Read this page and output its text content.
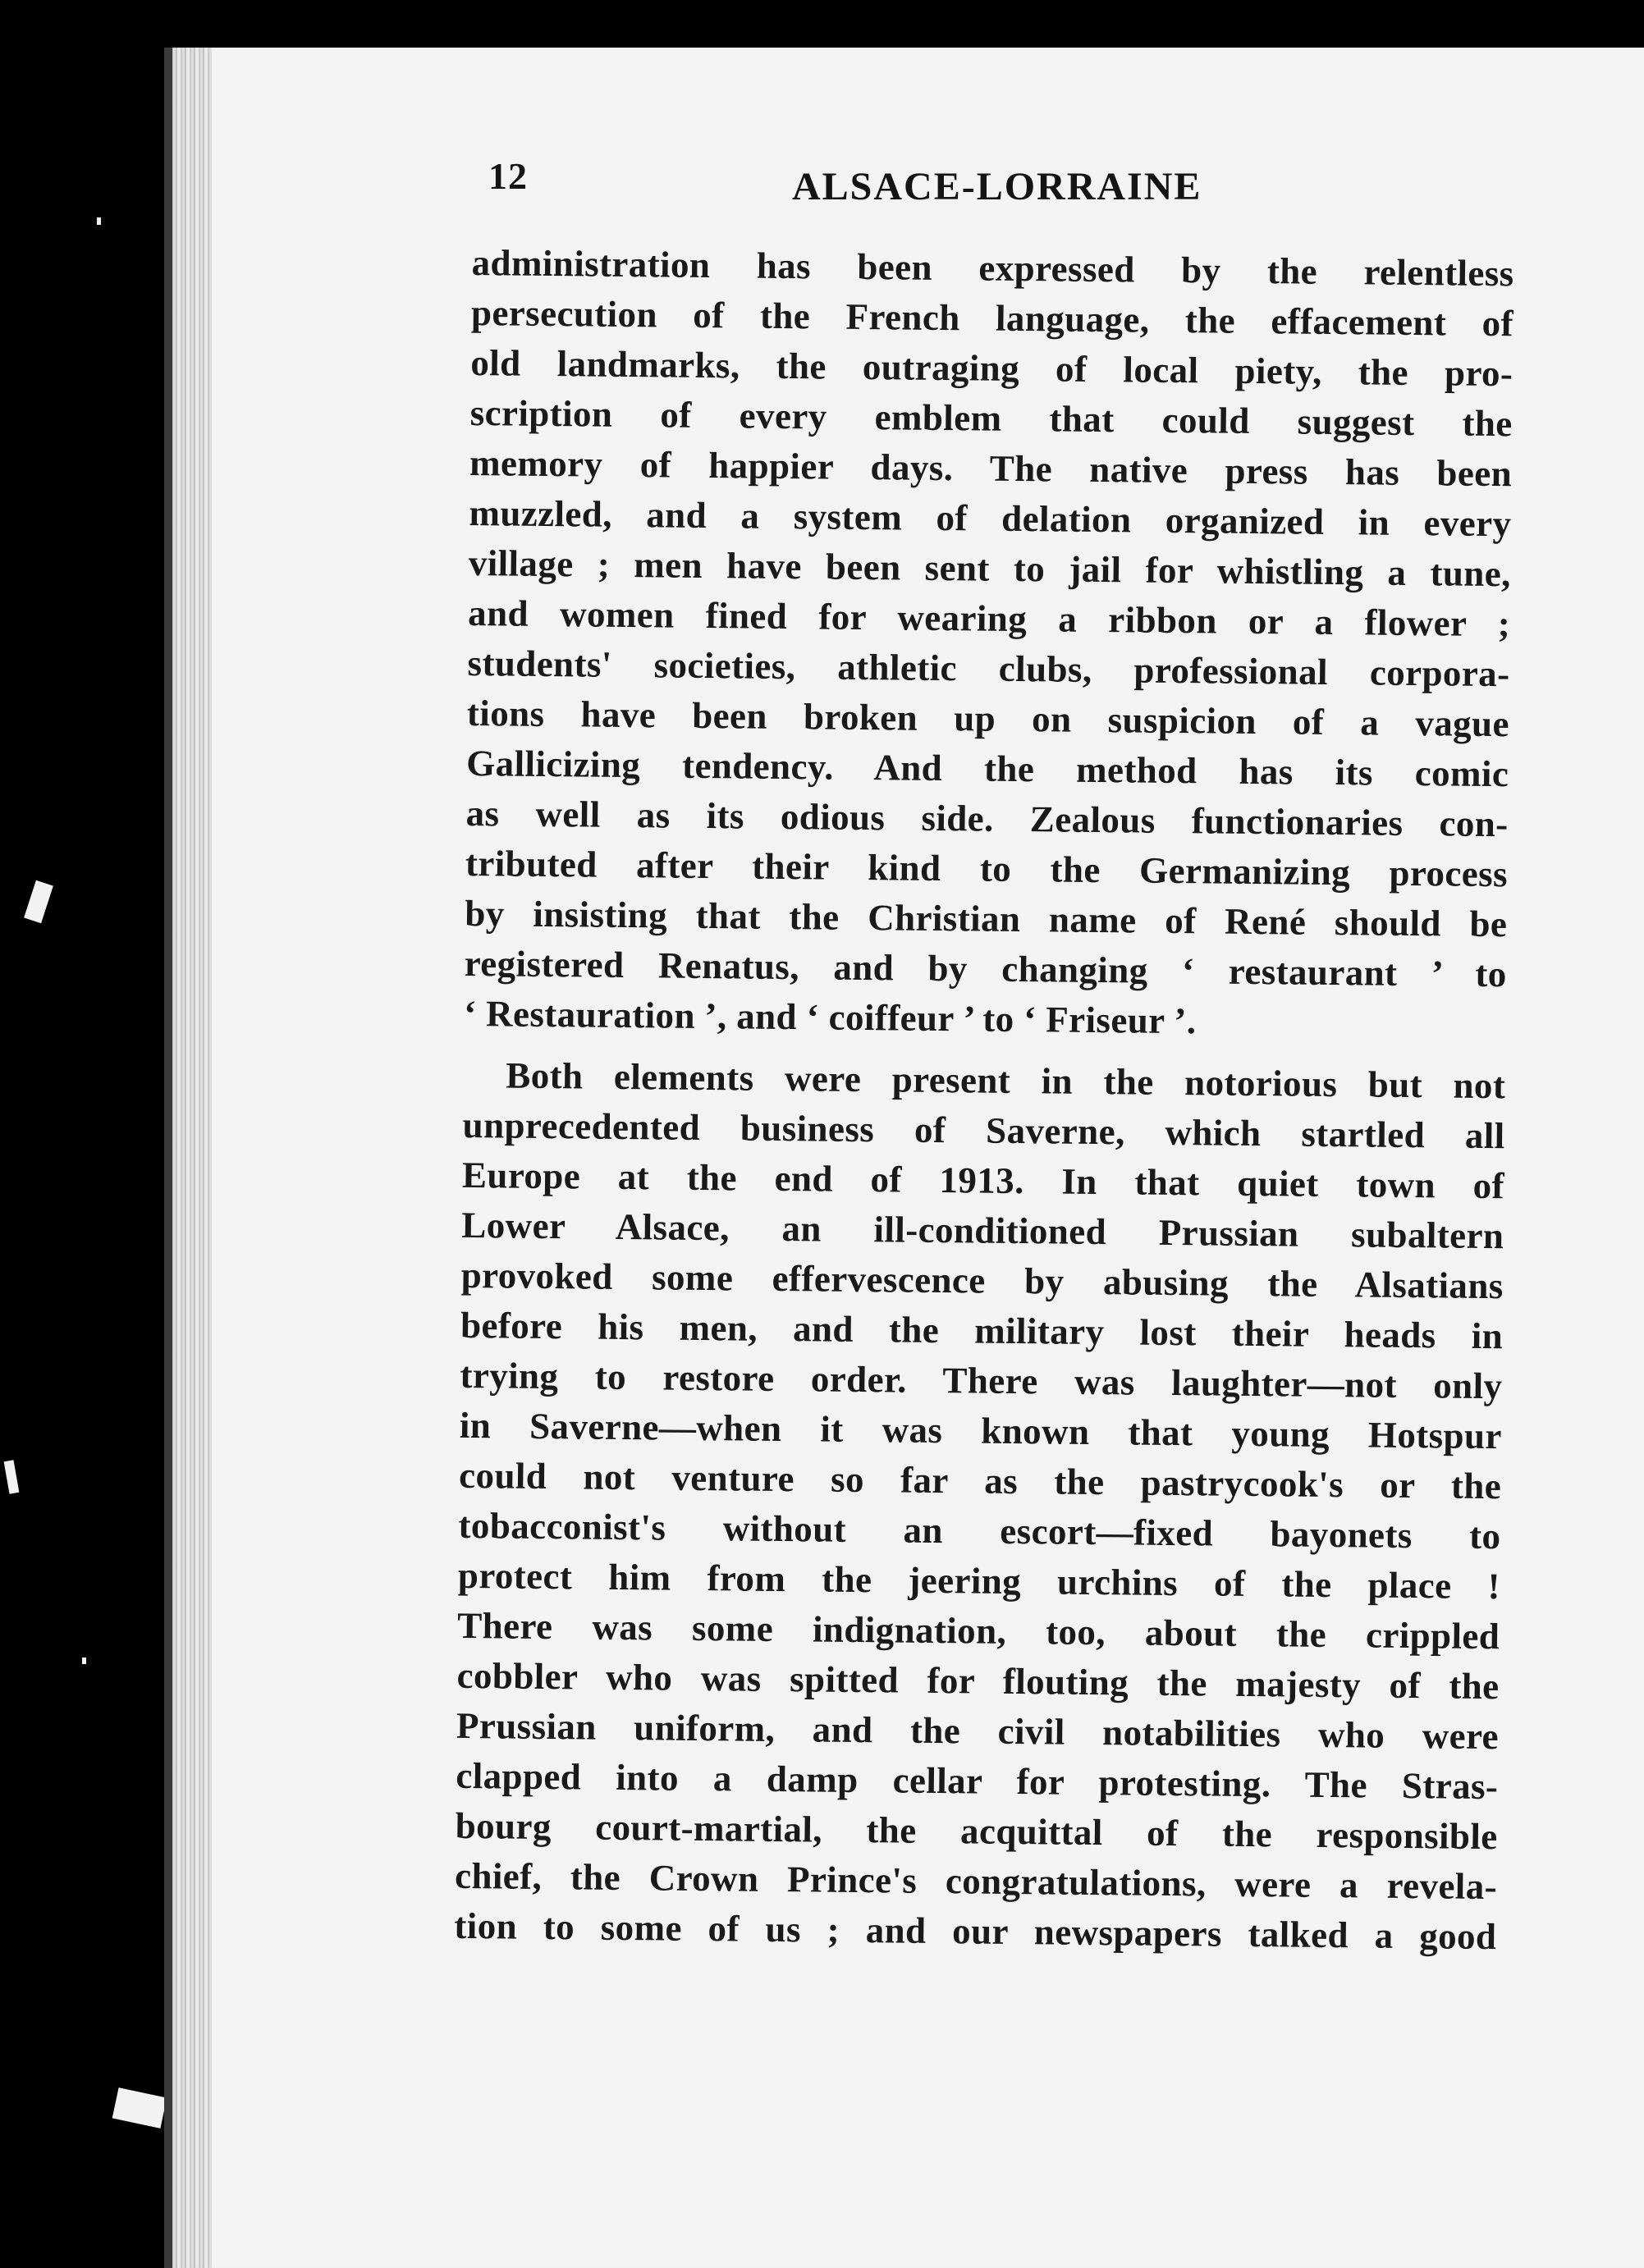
12	ALSACE-LORRAINE
administration has been expressed by the relentless
persecution of the French language, the effacement of
old landmarks, the outraging of local piety, the pro-
scription of every emblem that could suggest the
memory of happier days. The native press has been
muzzled, and a system of delation organized in every
village ; men have been sent to jail for whistling a tune,
and women fined for wearing a ribbon or a flower ;
students' societies, athletic clubs, professional corpora-
tions have been broken up on suspicion of a vague
Gallicizing tendency. And the method has its comic
as well as its odious side. Zealous functionaries con-
tributed after their kind to the Germanizing process
by insisting that the Christian name of René should be
registered Renatus, and by changing ‘ restaurant ’ to
‘ Restauration ’, and ‘ coiffeur ’ to ‘ Friseur ’.
Both elements were present in the notorious but not
unprecedented business of Saverne, which startled all
Europe at the end of 1913. In that quiet town of
Lower Alsace, an ill-conditioned Prussian subaltern
provoked some effervescence by abusing the Alsatians
before his men, and the military lost their heads in
trying to restore order. There was laughter—not only
in Saverne—when it was known that young Hotspur
could not venture so far as the pastrycook's or the
tobacconist's without an escort—fixed bayonets to
protect him from the jeering urchins of the place !
There was some indignation, too, about the crippled
cobbler who was spitted for flouting the majesty of the
Prussian uniform, and the civil notabilities who were
clapped into a damp cellar for protesting. The Stras-
bourg court-martial, the acquittal of the responsible
chief, the Crown Prince's congratulations, were a revela-
tion to some of us ; and our newspapers talked a good
